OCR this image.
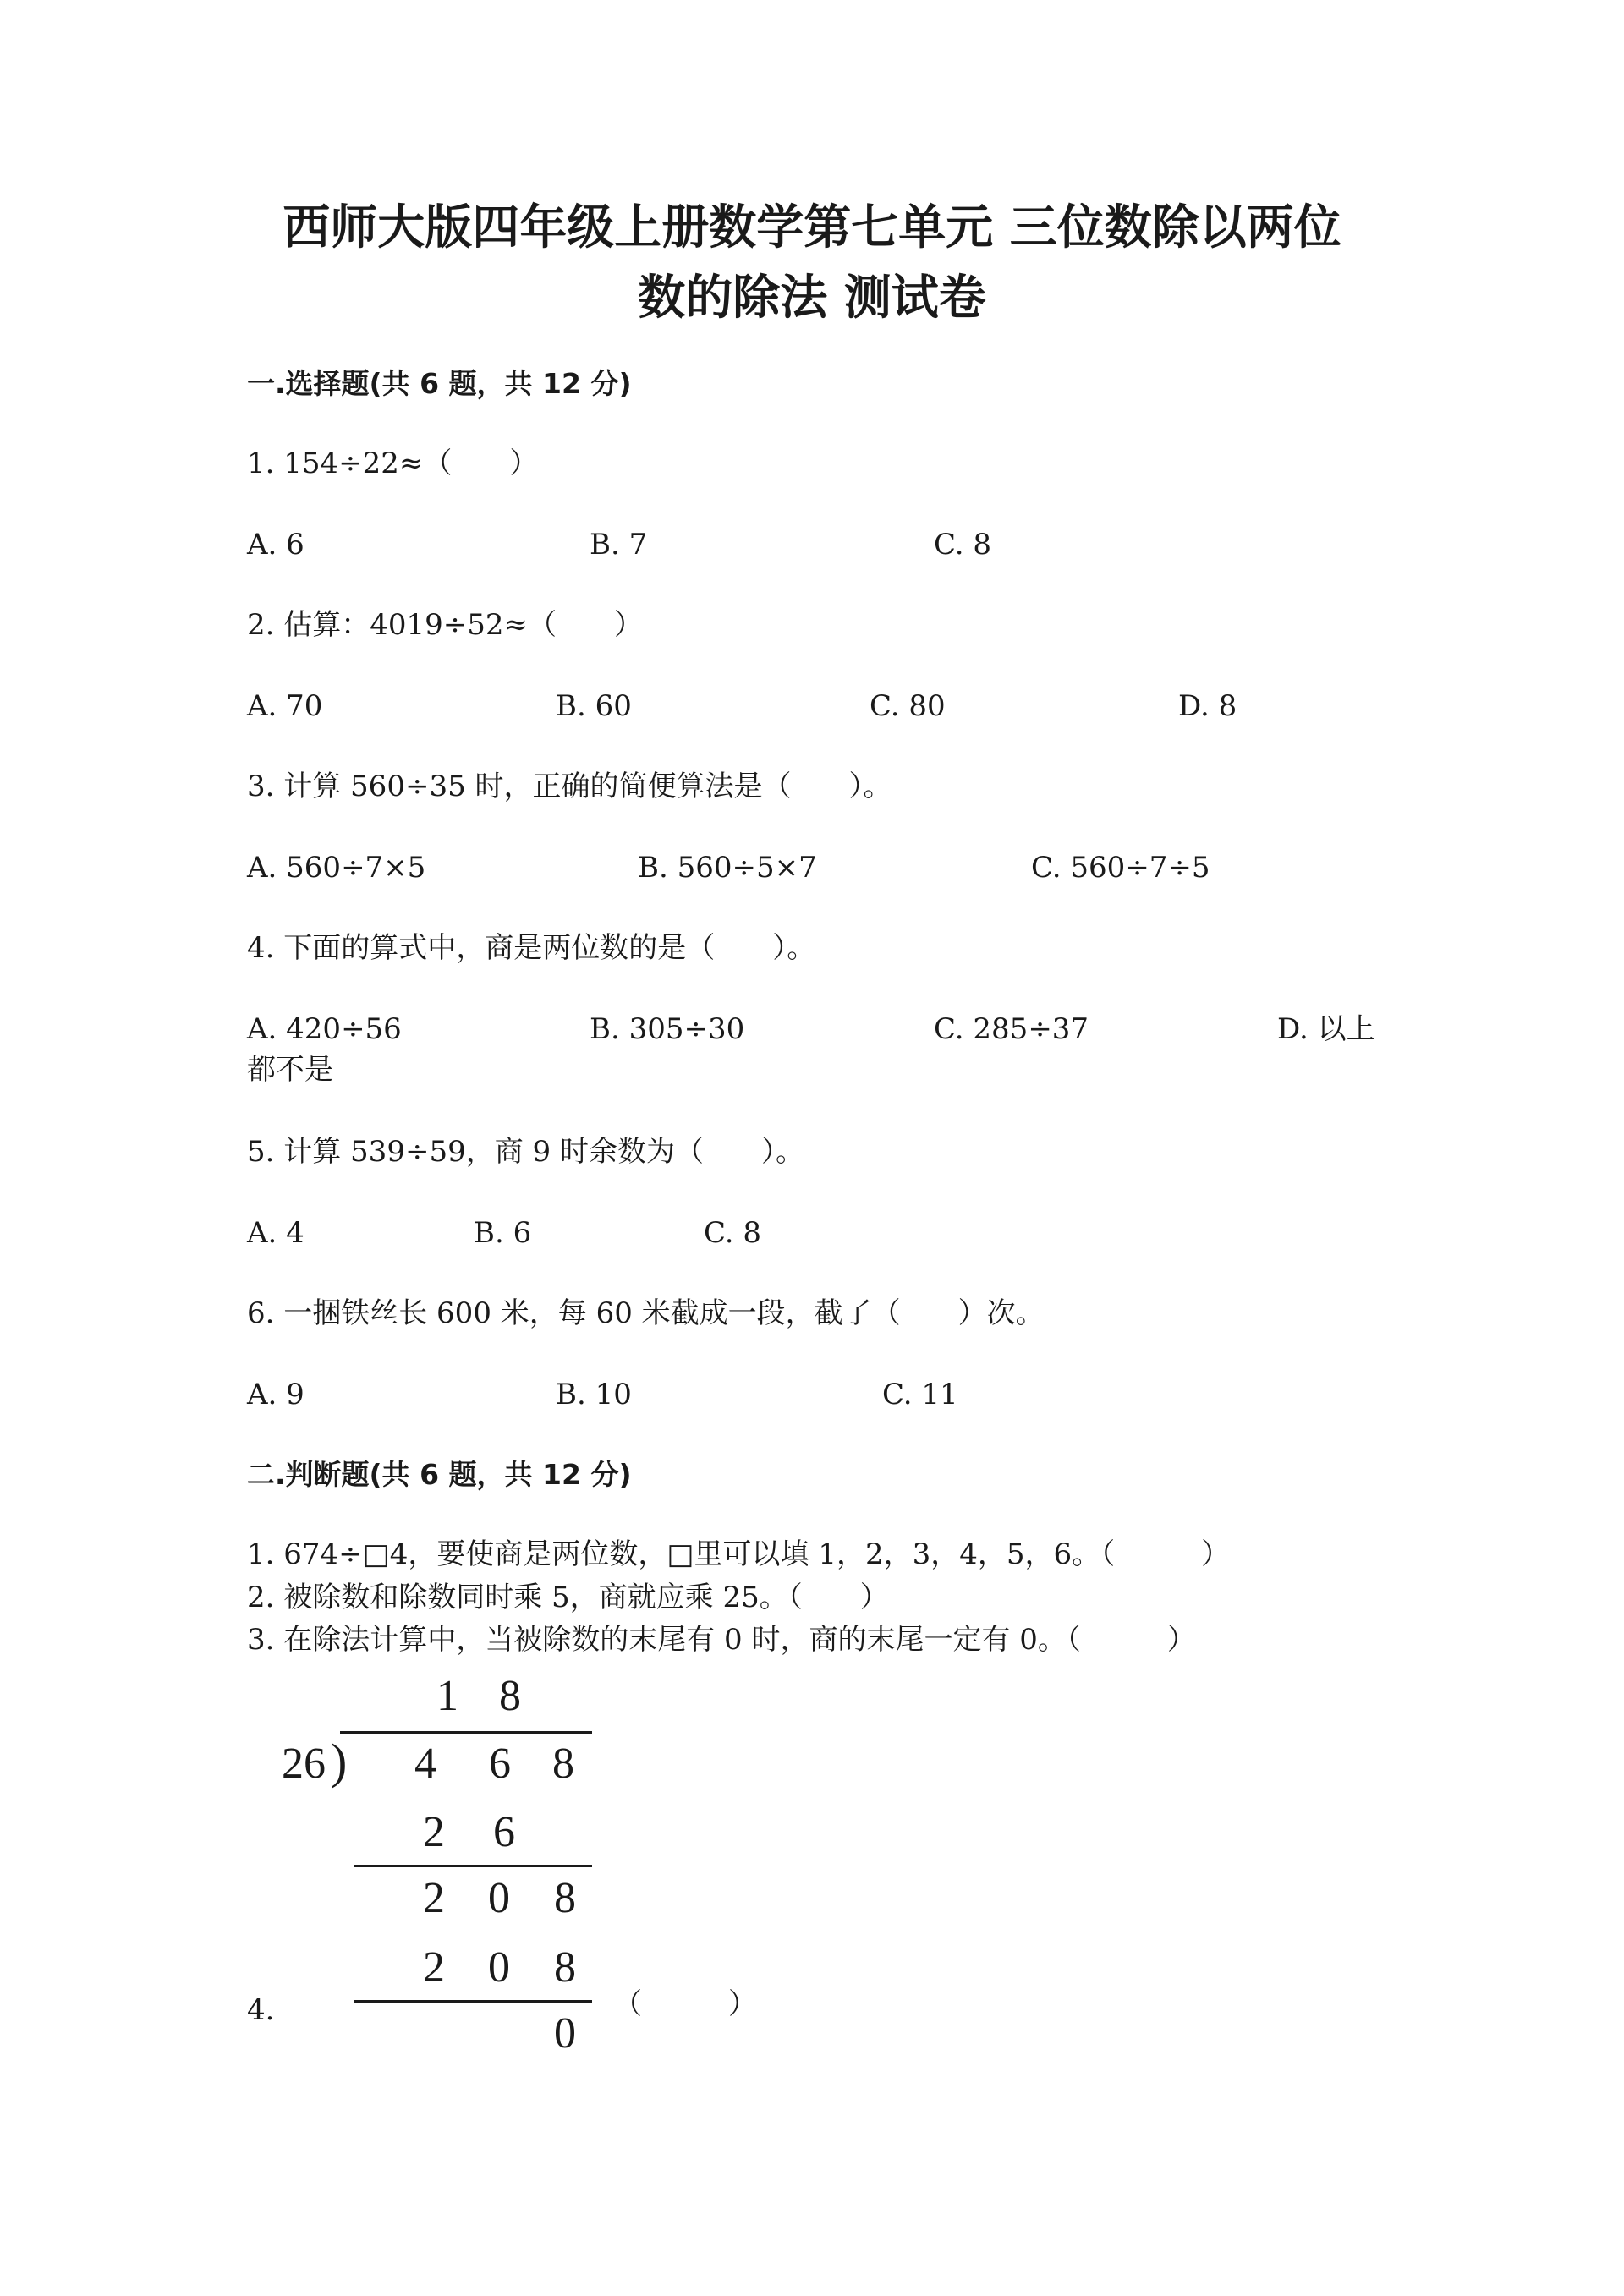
西师大版四年级上册数学第七单元 三位数除以两位
数的除法 测试卷
一.选择题(共 6 题，共 12 分)
1. 154÷22≈（　　）
A. 6	B. 7	C. 8
2. 估算：4019÷52≈（　　）
A. 70	B. 60	C. 80	D. 8
3. 计算 560÷35 时，正确的简便算法是（　　）。
A. 560÷7×5	B. 560÷5×7	C. 560÷7÷5
4. 下面的算式中，商是两位数的是（　　）。
A. 420÷56	B. 305÷30	C. 285÷37	D. 以上
都不是
5. 计算 539÷59，商 9 时余数为（　　）。
A. 4	B. 6	C. 8
6. 一捆铁丝长 600 米，每 60 米截成一段，截了（　　）次。
A. 9	B. 10	C. 11
二.判断题(共 6 题，共 12 分)
1. 674÷□4，要使商是两位数，□里可以填 1，2，3，4，5，6。（　　　）
2. 被除数和除数同时乘 5，商就应乘 25。（　　）
3. 在除法计算中，当被除数的末尾有 0 时，商的末尾一定有 0。（　　　）
4.	（　　　）
1 8
26 ) 4 6 8
2 6
2 0 8
2 0 8
0
